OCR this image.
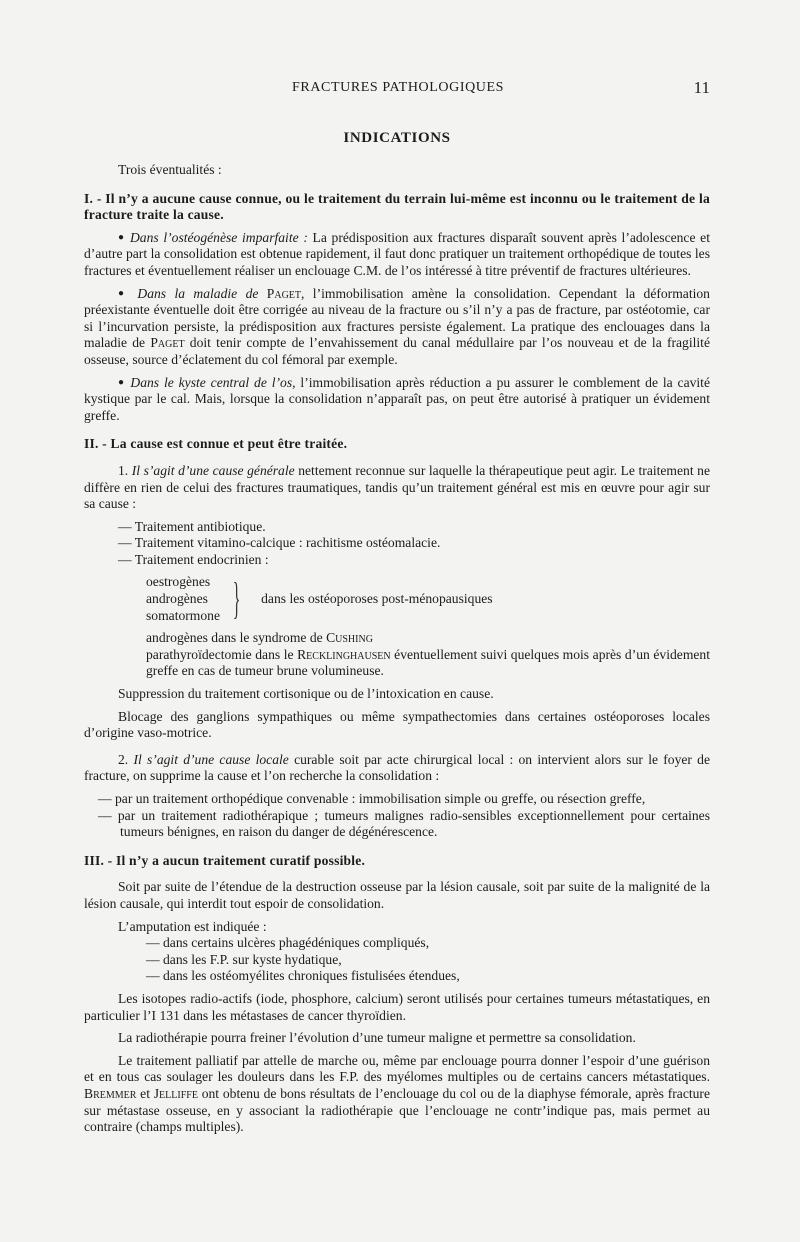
FRACTURES PATHOLOGIQUES	11
INDICATIONS

Trois éventualités :

I. - Il n’y a aucune cause connue, ou le traitement du terrain lui-même est inconnu ou le traitement de la fracture traite la cause.

● Dans l’ostéogénèse imparfaite : La prédisposition aux fractures disparaît souvent après l’adolescence et d’autre part la consolidation est obtenue rapidement, il faut donc pratiquer un traitement orthopédique de toutes les fractures et éventuellement réaliser un enclouage C.M. de l’os intéressé à titre préventif de fractures ultérieures.

● Dans la maladie de Paget, l’immobilisation amène la consolidation. Cependant la déformation préexistante éventuelle doit être corrigée au niveau de la fracture ou s’il n’y a pas de fracture, par ostéotomie, car si l’incurvation persiste, la prédisposition aux fractures persiste également. La pratique des enclouages dans la maladie de Paget doit tenir compte de l’envahissement du canal médullaire par l’os nouveau et de la fragilité osseuse, source d’éclatement du col fémoral par exemple.

● Dans le kyste central de l’os, l’immobilisation après réduction a pu assurer le comblement de la cavité kystique par le cal. Mais, lorsque la consolidation n’apparaît pas, on peut être autorisé à pratiquer un évidement greffe.

II. - La cause est connue et peut être traitée.

1. Il s’agit d’une cause générale nettement reconnue sur laquelle la thérapeutique peut agir. Le traitement ne diffère en rien de celui des fractures traumatiques, tandis qu’un traitement général est mis en œuvre pour agir sur sa cause :

— Traitement antibiotique.

— Traitement vitamino-calcique : rachitisme ostéomalacie.

— Traitement endocrinien :

oestrogènes
androgènes
somatormone } dans les ostéoporoses post-ménopausiques

androgènes dans le syndrome de Cushing

parathyroïdectomie dans le Recklinghausen éventuellement suivi quelques mois après d’un évidement greffe en cas de tumeur brune volumineuse.

Suppression du traitement cortisonique ou de l’intoxication en cause.

Blocage des ganglions sympathiques ou même sympathectomies dans certaines ostéoporoses locales d’origine vaso-motrice.

2. Il s’agit d’une cause locale curable soit par acte chirurgical local : on intervient alors sur le foyer de fracture, on supprime la cause et l’on recherche la consolidation :

— par un traitement orthopédique convenable : immobilisation simple ou greffe, ou résection greffe,

— par un traitement radiothérapique ; tumeurs malignes radio-sensibles exceptionnellement pour certaines tumeurs bénignes, en raison du danger de dégénérescence.

III. - Il n’y a aucun traitement curatif possible.

Soit par suite de l’étendue de la destruction osseuse par la lésion causale, soit par suite de la malignité de la lésion causale, qui interdit tout espoir de consolidation.

L’amputation est indiquée :

— dans certains ulcères phagédéniques compliqués,

— dans les F.P. sur kyste hydatique,

— dans les ostéomyélites chroniques fistulisées étendues,

Les isotopes radio-actifs (iode, phosphore, calcium) seront utilisés pour certaines tumeurs métastatiques, en particulier l’I 131 dans les métastases de cancer thyroïdien.

La radiothérapie pourra freiner l’évolution d’une tumeur maligne et permettre sa consolidation.

Le traitement palliatif par attelle de marche ou, même par enclouage pourra donner l’espoir d’une guérison et en tous cas soulager les douleurs dans les F.P. des myélomes multiples ou de certains cancers métastatiques. Bremmer et Jelliffe ont obtenu de bons résultats de l’enclouage du col ou de la diaphyse fémorale, après fracture sur métastase osseuse, en y associant la radiothérapie que l’enclouage ne contr’indique pas, mais permet au contraire (champs multiples).
